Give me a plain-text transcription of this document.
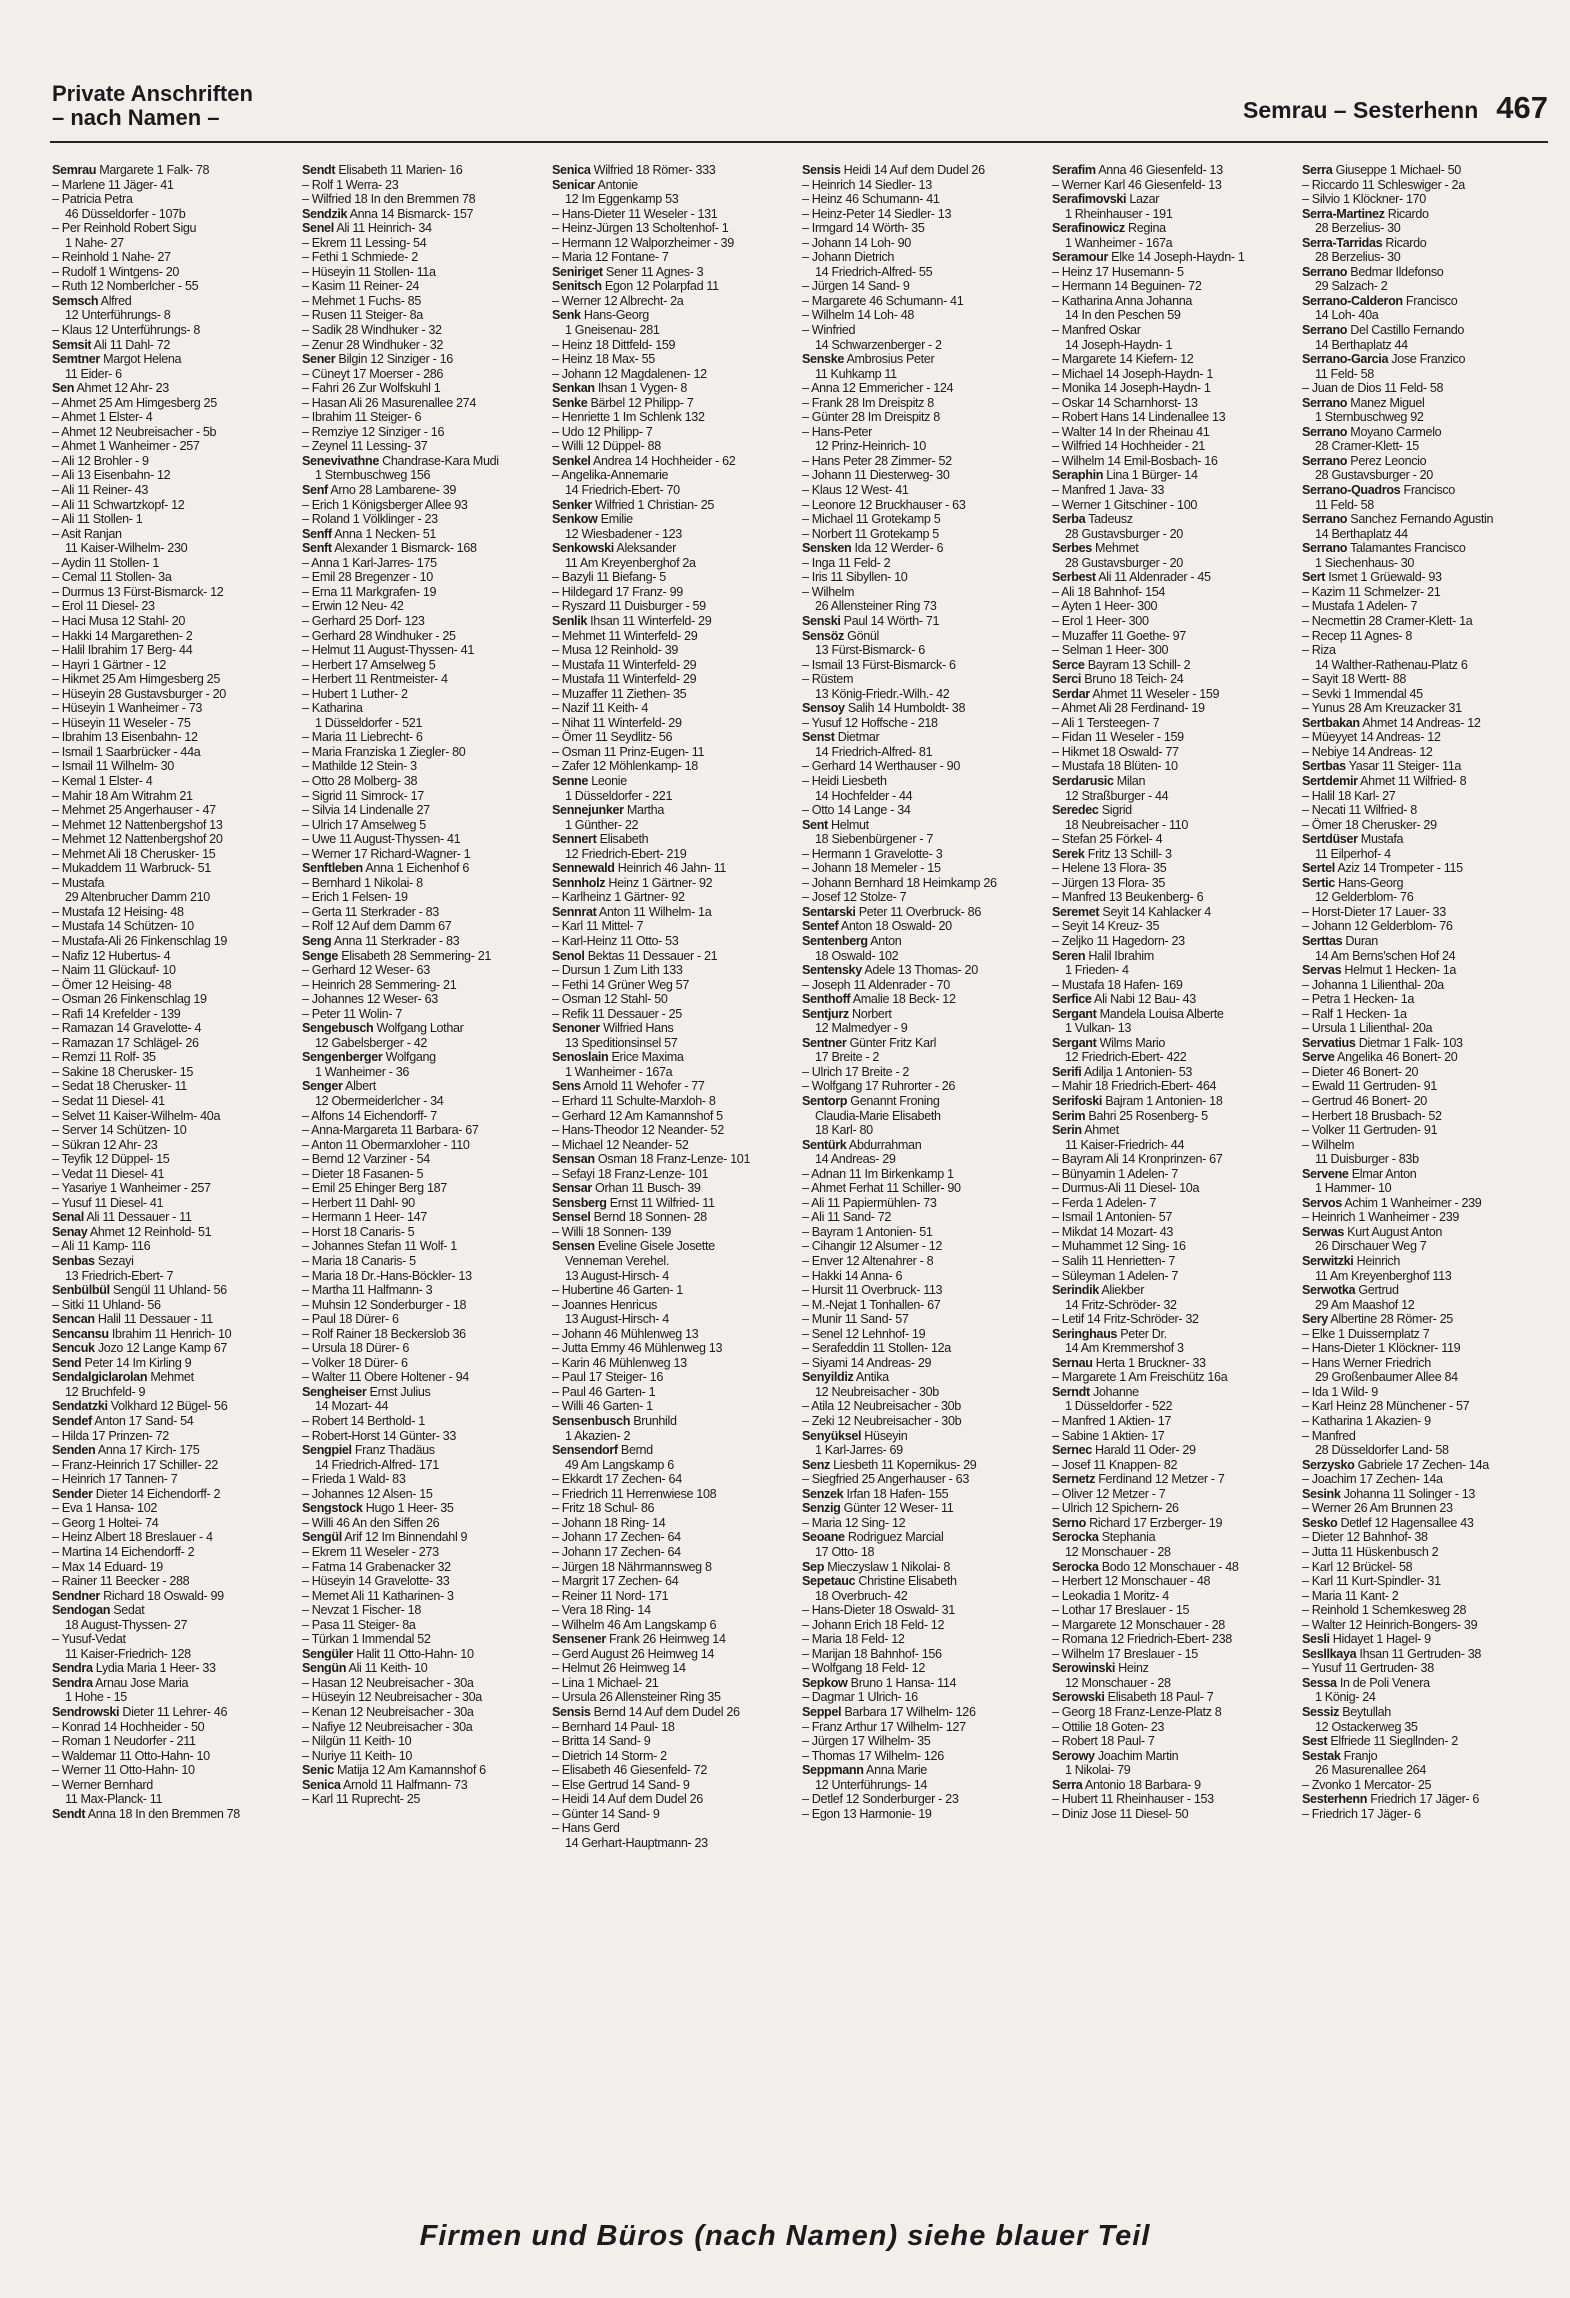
Private Anschriften
– nach Namen –	Semrau – Sesterhenn 467
Semrau Margarete 1 Falk- 78
– Marlene 11 Jäger- 41
– Patricia Petra
46 Düsseldorfer - 107b
– Per Reinhold Robert Sigu
1 Nahe- 27
– Reinhold 1 Nahe- 27
– Rudolf 1 Wintgens- 20
– Ruth 12 Nomberlcher - 55
Semsch Alfred
12 Unterführungs- 8
– Klaus 12 Unterführungs- 8
Semsit Ali 11 Dahl- 72
Semtner Margot Helena
11 Eider- 6
Sen Ahmet 12 Ahr- 23
– Ahmet 25 Am Himgesberg 25
– Ahmet 1 Elster- 4
– Ahmet 12 Neubreisacher - 5b
– Ahmet 1 Wanheimer - 257
– Ali 12 Brohler - 9
– Ali 13 Eisenbahn- 12
– Ali 11 Reiner- 43
– Ali 11 Schwartzkopf- 12
– Ali 11 Stollen- 1
– Asit Ranjan
11 Kaiser-Wilhelm- 230
– Aydin 11 Stollen- 1
– Cemal 11 Stollen- 3a
– Durmus 13 Fürst-Bismarck- 12
– Erol 11 Diesel- 23
– Haci Musa 12 Stahl- 20
– Hakki 14 Margarethen- 2
– Halil Ibrahim 17 Berg- 44
– Hayri 1 Gärtner - 12
– Hikmet 25 Am Himgesberg 25
– Hüseyin 28 Gustavsburger - 20
– Hüseyin 1 Wanheimer - 73
– Hüseyin 11 Weseler - 75
– Ibrahim 13 Eisenbahn- 12
– Ismail 1 Saarbrücker - 44a
– Ismail 11 Wilhelm- 30
– Kemal 1 Elster- 4
– Mahir 18 Am Witrahm 21
– Mehmet 25 Angerhauser - 47
– Mehmet 12 Nattenbergshof 13
– Mehmet 12 Nattenbergshof 20
– Mehmet Ali 18 Cherusker- 15
– Mukaddem 11 Warbruck- 51
– Mustafa
29 Altenbrucher Damm 210
– Mustafa 12 Heising- 48
– Mustafa 14 Schützen- 10
– Mustafa-Ali 26 Finkenschlag 19
– Nafiz 12 Hubertus- 4
– Naim 11 Glückauf- 10
– Ömer 12 Heising- 48
– Osman 26 Finkenschlag 19
– Rafi 14 Krefelder - 139
– Ramazan 14 Gravelotte- 4
– Ramazan 17 Schlägel- 26
– Remzi 11 Rolf- 35
– Sakine 18 Cherusker- 15
– Sedat 18 Cherusker- 11
– Sedat 11 Diesel- 41
– Selvet 11 Kaiser-Wilhelm- 40a
– Server 14 Schützen- 10
– Sükran 12 Ahr- 23
– Teyfik 12 Düppel- 15
– Vedat 11 Diesel- 41
– Yasariye 1 Wanheimer - 257
– Yusuf 11 Diesel- 41
Senal Ali 11 Dessauer - 11
Senay Ahmet 12 Reinhold- 51
– Ali 11 Kamp- 116
Senbas Sezayi
13 Friedrich-Ebert- 7
Senbülbül Sengül 11 Uhland- 56
– Sitki 11 Uhland- 56
Sencan Halil 11 Dessauer - 11
Sencansu Ibrahim 11 Henrich- 10
Sencuk Jozo 12 Lange Kamp 67
Send Peter 14 Im Kirling 9
Sendalgiclarolan Mehmet
12 Bruchfeld- 9
Sendatzki Volkhard 12 Bügel- 56
Sendef Anton 17 Sand- 54
– Hilda 17 Prinzen- 72
Senden Anna 17 Kirch- 175
– Franz-Heinrich 17 Schiller- 22
– Heinrich 17 Tannen- 7
Sender Dieter 14 Eichendorff- 2
– Eva 1 Hansa- 102
– Georg 1 Holtei- 74
– Heinz Albert 18 Breslauer - 4
– Martina 14 Eichendorff- 2
– Max 14 Eduard- 19
– Rainer 11 Beecker - 288
Sendner Richard 18 Oswald- 99
Sendogan Sedat
18 August-Thyssen- 27
– Yusuf-Vedat
11 Kaiser-Friedrich- 128
Sendra Lydia Maria 1 Heer- 33
Sendra Arnau Jose Maria
1 Hohe - 15
Sendrowski Dieter 11 Lehrer- 46
– Konrad 14 Hochheider - 50
– Roman 1 Neudorfer - 211
– Waldemar 11 Otto-Hahn- 10
– Werner 11 Otto-Hahn- 10
– Werner Bernhard
11 Max-Planck- 11
Sendt Anna 18 In den Bremmen 78
Sendt Elisabeth 11 Marien- 16
– Rolf 1 Werra- 23
– Wilfried 18 In den Bremmen 78
Sendzik Anna 14 Bismarck- 157
Senel Ali 11 Heinrich- 34
– Ekrem 11 Lessing- 54
– Fethi 1 Schmiede- 2
– Hüseyin 11 Stollen- 11a
– Kasim 11 Reiner- 24
– Mehmet 1 Fuchs- 85
– Rusen 11 Steiger- 8a
– Sadik 28 Windhuker - 32
– Zenur 28 Windhuker - 32
Sener Bilgin 12 Sinziger - 16
– Cüneyt 17 Moerser - 286
– Fahri 26 Zur Wolfskuhl 1
– Hasan Ali 26 Masurenallee 274
– Ibrahim 11 Steiger- 6
– Remziye 12 Sinziger - 16
– Zeynel 11 Lessing- 37
Senevivathne Chandrase-Kara Mudi
1 Sternbuschweg 156
Senf Arno 28 Lambarene- 39
– Erich 1 Königsberger Allee 93
– Roland 1 Völklinger - 23
Senff Anna 1 Necken- 51
Senft Alexander 1 Bismarck- 168
– Anna 1 Karl-Jarres- 175
– Emil 28 Bregenzer - 10
– Erna 11 Markgrafen- 19
– Erwin 12 Neu- 42
– Gerhard 25 Dorf- 123
– Gerhard 28 Windhuker - 25
– Helmut 11 August-Thyssen- 41
– Herbert 17 Amselweg 5
– Herbert 11 Rentmeister- 4
– Hubert 1 Luther- 2
– Katharina
1 Düsseldorfer - 521
– Maria 11 Liebrecht- 6
– Maria Franziska 1 Ziegler- 80
– Mathilde 12 Stein- 3
– Otto 28 Molberg- 38
– Sigrid 11 Simrock- 17
– Silvia 14 Lindenalle 27
– Ulrich 17 Amselweg 5
– Uwe 11 August-Thyssen- 41
– Werner 17 Richard-Wagner- 1
Senftleben Anna 1 Eichenhof 6
– Bernhard 1 Nikolai- 8
– Erich 1 Felsen- 19
– Gerta 11 Sterkrader - 83
– Rolf 12 Auf dem Damm 67
Seng Anna 11 Sterkrader - 83
Senge Elisabeth 28 Semmering- 21
– Gerhard 12 Weser- 63
– Heinrich 28 Semmering- 21
– Johannes 12 Weser- 63
– Peter 11 Wolin- 7
Sengebusch Wolfgang Lothar
12 Gabelsberger - 42
Sengenberger Wolfgang
1 Wanheimer - 36
Senger Albert
12 Obermeiderlcher - 34
– Alfons 14 Eichendorff- 7
– Anna-Margareta 11 Barbara- 67
– Anton 11 Obermarxloher - 110
– Bernd 12 Varziner - 54
– Dieter 18 Fasanen- 5
– Emil 25 Ehinger Berg 187
– Herbert 11 Dahl- 90
– Hermann 1 Heer- 147
– Horst 18 Canaris- 5
– Johannes Stefan 11 Wolf- 1
– Maria 18 Canaris- 5
– Maria 18 Dr.-Hans-Böckler- 13
– Martha 11 Halfmann- 3
– Muhsin 12 Sonderburger - 18
– Paul 18 Dürer- 6
– Rolf Rainer 18 Beckerslob 36
– Ursula 18 Dürer- 6
– Volker 18 Dürer- 6
– Walter 11 Obere Holtener - 94
Sengheiser Ernst Julius
14 Mozart- 44
– Robert 14 Berthold- 1
– Robert-Horst 14 Günter- 33
Sengpiel Franz Thadäus
14 Friedrich-Alfred- 171
– Friedа 1 Wald- 83
– Johannes 12 Alsen- 15
Sengstock Hugo 1 Heer- 35
– Willi 46 An den Siffen 26
Sengül Arif 12 Im Binnendahl 9
– Ekrem 11 Weseler - 273
– Fatma 14 Grabenacker 32
– Hüseyin 14 Gravelotte- 33
– Memet Ali 11 Katharinen- 3
– Nevzat 1 Fischer- 18
– Pasa 11 Steiger- 8a
– Türkan 1 Immendal 52
Sengüler Halit 11 Otto-Hahn- 10
Sengün Ali 11 Keith- 10
– Hasan 12 Neubreisacher - 30a
– Hüseyin 12 Neubreisacher - 30a
– Kenan 12 Neubreisacher - 30a
– Nafiye 12 Neubreisacher - 30a
– Nilgün 11 Keith- 10
– Nuriye 11 Keith- 10
Senic Matija 12 Am Kamannshof 6
Senica Arnold 11 Halfmann- 73
– Karl 11 Ruprecht- 25
Senica Wilfried 18 Römer- 333
Senicar Antonie
12 Im Eggenkamp 53
– Hans-Dieter 11 Weseler - 131
– Heinz-Jürgen 13 Scholtenhof- 1
– Hermann 12 Walporzheimer - 39
– Maria 12 Fontane- 7
Seniriget Sener 11 Agnes- 3
Senitsch Egon 12 Polarpfad 11
– Werner 12 Albrecht- 2a
Senk Hans-Georg
1 Gneisenau- 281
– Heinz 18 Dittfeld- 159
– Heinz 18 Max- 55
– Johann 12 Magdalenen- 12
Senkan Ihsan 1 Vygen- 8
Senke Bärbel 12 Philipp- 7
– Henriette 1 Im Schlenk 132
– Udo 12 Philipp- 7
– Willi 12 Düppel- 88
Senkel Andrea 14 Hochheider - 62
– Angelika-Annemarie
14 Friedrich-Ebert- 70
Senker Wilfried 1 Christian- 25
Senkow Emilie
12 Wiesbadener - 123
Senkowski Aleksander
11 Am Kreyenberghof 2a
– Bazyli 11 Biefang- 5
– Hildegard 17 Franz- 99
– Ryszard 11 Duisburger - 59
Senlik Ihsan 11 Winterfeld- 29
– Mehmet 11 Winterfeld- 29
– Musa 12 Reinhold- 39
– Mustafa 11 Winterfeld- 29
– Mustafa 11 Winterfeld- 29
– Muzaffer 11 Ziethen- 35
– Nazif 11 Keith- 4
– Nihat 11 Winterfeld- 29
– Ömer 11 Seydlitz- 56
– Osman 11 Prinz-Eugen- 11
– Zafer 12 Möhlenkamp- 18
Senne Leonie
1 Düsseldorfer - 221
Sennejunker Martha
1 Günther- 22
Sennert Elisabeth
12 Friedrich-Ebert- 219
Sennewald Heinrich 46 Jahn- 11
Sennholz Heinz 1 Gärtner- 92
– Karlheinz 1 Gärtner- 92
Sennrat Anton 11 Wilhelm- 1a
– Karl 11 Mittel- 7
– Karl-Heinz 11 Otto- 53
Senol Bektas 11 Dessauer - 21
– Dursun 1 Zum Lith 133
– Fethi 14 Grüner Weg 57
– Osman 12 Stahl- 50
– Refik 11 Dessauer - 25
Senoner Wilfried Hans
13 Speditionsinsel 57
Senoslain Erice Maxima
1 Wanheimer - 167a
Sens Arnold 11 Wehofer - 77
– Erhard 11 Schulte-Marxloh- 8
– Gerhard 12 Am Kamannshof 5
– Hans-Theodor 12 Neander- 52
– Michael 12 Neander- 52
Sensan Osman 18 Franz-Lenze- 101
– Sefayi 18 Franz-Lenze- 101
Sensar Orhan 11 Busch- 39
Sensberg Ernst 11 Wilfried- 11
Sensel Bernd 18 Sonnen- 28
– Willi 18 Sonnen- 139
Sensen Eveline Gisele Josette
Venneman Verehel.
13 August-Hirsch- 4
– Hubertine 46 Garten- 1
– Joannes Henricus
13 August-Hirsch- 4
– Johann 46 Mühlenweg 13
– Jutta Emmy 46 Mühlenweg 13
– Karin 46 Mühlenweg 13
– Paul 17 Steiger- 16
– Paul 46 Garten- 1
– Willi 46 Garten- 1
Sensenbusch Brunhild
1 Akazien- 2
Sensendorf Bernd
49 Am Langskamp 6
– Ekkardt 17 Zechen- 64
– Friedrich 11 Herrenwiese 108
– Fritz 18 Schul- 86
– Johann 18 Ring- 14
– Johann 17 Zechen- 64
– Johann 17 Zechen- 64
– Jürgen 18 Nährmannsweg 8
– Margrit 17 Zechen- 64
– Reiner 11 Nord- 171
– Vera 18 Ring- 14
– Wilhelm 46 Am Langskamp 6
Sensener Frank 26 Heimweg 14
– Gerd August 26 Heimweg 14
– Helmut 26 Heimweg 14
– Lina 1 Michael- 21
– Ursula 26 Allensteiner Ring 35
Sensis Bernd 14 Auf dem Dudel 26
– Bernhard 14 Paul- 18
– Britta 14 Sand- 9
– Dietrich 14 Storm- 2
– Elisabeth 46 Giesenfeld- 72
– Else Gertrud 14 Sand- 9
– Heidi 14 Auf dem Dudel 26
– Günter 14 Sand- 9
– Hans Gerd
14 Gerhart-Hauptmann- 23
Sensis Heidi 14 Auf dem Dudel 26
– Heinrich 14 Siedler- 13
– Heinz 46 Schumann- 41
– Heinz-Peter 14 Siedler- 13
– Irmgard 14 Wörth- 35
– Johann 14 Loh- 90
– Johann Dietrich
14 Friedrich-Alfred- 55
– Jürgen 14 Sand- 9
– Margarete 46 Schumann- 41
– Wilhelm 14 Loh- 48
– Winfried
14 Schwarzenberger - 2
Senske Ambrosius Peter
11 Kuhkamp 11
– Anna 12 Emmericher - 124
– Frank 28 Im Dreispitz 8
– Günter 28 Im Dreispitz 8
– Hans-Peter
12 Prinz-Heinrich- 10
– Hans Peter 28 Zimmer- 52
– Johann 11 Diesterweg- 30
– Klaus 12 West- 41
– Leonore 12 Bruckhauser - 63
– Michael 11 Grotekamp 5
– Norbert 11 Grotekamp 5
Sensken Ida 12 Werder- 6
– Inga 11 Feld- 2
– Iris 11 Sibyllen- 10
– Wilhelm
26 Allensteiner Ring 73
Senski Paul 14 Wörth- 71
Sensöz Gönül
13 Fürst-Bismarck- 6
– Ismail 13 Fürst-Bismarck- 6
– Rüstem
13 König-Friedr.-Wilh.- 42
Sensoy Salih 14 Humboldt- 38
– Yusuf 12 Hoffsche - 218
Senst Dietmar
14 Friedrich-Alfred- 81
– Gerhard 14 Werthauser - 90
– Heidi Liesbeth
14 Hochfelder - 44
– Otto 14 Lange - 34
Sent Helmut
18 Siebenbürgener - 7
– Hermann 1 Gravelotte- 3
– Johann 18 Memeler - 15
– Johann Bernhard 18 Heimkamp 26
– Josef 12 Stolze- 7
Sentarski Peter 11 Overbruck- 86
Sentef Anton 18 Oswald- 20
Sentenberg Anton
18 Oswald- 102
Sentensky Adele 13 Thomas- 20
– Joseph 11 Aldenrader - 70
Senthoff Amalie 18 Beck- 12
Sentjurz Norbert
12 Malmedyer - 9
Sentner Günter Fritz Karl
17 Breite - 2
– Ulrich 17 Breite - 2
– Wolfgang 17 Ruhrorter - 26
Sentorp Genannt Froning
Claudia-Marie Elisabeth
18 Karl- 80
Sentürk Abdurrahman
14 Andreas- 29
– Adnan 11 Im Birkenkamp 1
– Ahmet Ferhat 11 Schiller- 90
– Ali 11 Papiermühlen- 73
– Ali 11 Sand- 72
– Bayram 1 Antonien- 51
– Cihangir 12 Alsumer - 12
– Enver 12 Altenahrer - 8
– Hakki 14 Anna- 6
– Hursit 11 Overbruck- 113
– M.-Nejat 1 Tonhallen- 67
– Munir 11 Sand- 57
– Senel 12 Lehnhof- 19
– Serafeddin 11 Stollen- 12a
– Siyami 14 Andreas- 29
Senyildiz Antika
12 Neubreisacher - 30b
– Atila 12 Neubreisacher - 30b
– Zeki 12 Neubreisacher - 30b
Senyüksel Hüseyin
1 Karl-Jarres- 69
Senz Liesbeth 11 Kopernikus- 29
– Siegfried 25 Angerhauser - 63
Senzek Irfan 18 Hafen- 155
Senzig Günter 12 Weser- 11
– Maria 12 Sing- 12
Seoane Rodriguez Marcial
17 Otto- 18
Sep Mieczyslaw 1 Nikolai- 8
Sepetauc Christine Elisabeth
18 Overbruch- 42
– Hans-Dieter 18 Oswald- 31
– Johann Erich 18 Feld- 12
– Maria 18 Feld- 12
– Marijan 18 Bahnhof- 156
– Wolfgang 18 Feld- 12
Sepkow Bruno 1 Hansa- 114
– Dagmar 1 Ulrich- 16
Seppel Barbara 17 Wilhelm- 126
– Franz Arthur 17 Wilhelm- 127
– Jürgen 17 Wilhelm- 35
– Thomas 17 Wilhelm- 126
Seppmann Anna Marie
12 Unterführungs- 14
– Detlef 12 Sonderburger - 23
– Egon 13 Harmonie- 19
Serafim Anna 46 Giesenfeld- 13
– Werner Karl 46 Giesenfeld- 13
Serafimovski Lazar
1 Rheinhauser - 191
Serafinowicz Regina
1 Wanheimer - 167a
Seramour Elke 14 Joseph-Haydn- 1
– Heinz 17 Husemann- 5
– Hermann 14 Beguinen- 72
– Katharina Anna Johanna
14 In den Peschen 59
– Manfred Oskar
14 Joseph-Haydn- 1
– Margarete 14 Kiefern- 12
– Michael 14 Joseph-Haydn- 1
– Monika 14 Joseph-Haydn- 1
– Oskar 14 Scharnhorst- 13
– Robert Hans 14 Lindenallee 13
– Walter 14 In der Rheinau 41
– Wilfried 14 Hochheider - 21
– Wilhelm 14 Emil-Bosbach- 16
Seraphin Lina 1 Bürger- 14
– Manfred 1 Java- 33
– Werner 1 Gitschiner - 100
Serba Tadeusz
28 Gustavsburger - 20
Serbes Mehmet
28 Gustavsburger - 20
Serbest Ali 11 Aldenrader - 45
– Ali 18 Bahnhof- 154
– Ayten 1 Heer- 300
– Erol 1 Heer- 300
– Muzaffer 11 Goethe- 97
– Selman 1 Heer- 300
Serce Bayram 13 Schill- 2
Serci Bruno 18 Teich- 24
Serdar Ahmet 11 Weseler - 159
– Ahmet Ali 28 Ferdinand- 19
– Ali 1 Tersteegen- 7
– Fidan 11 Weseler - 159
– Hikmet 18 Oswald- 77
– Mustafa 18 Blüten- 10
Serdarusic Milan
12 Straßburger - 44
Seredec Sigrid
18 Neubreisacher - 110
– Stefan 25 Förkel- 4
Serek Fritz 13 Schill- 3
– Helene 13 Flora- 35
– Jürgen 13 Flora- 35
– Manfred 13 Beukenberg- 6
Seremet Seyit 14 Kahlacker 4
– Seyit 14 Kreuz- 35
– Zeljko 11 Hagedorn- 23
Seren Halil Ibrahim
1 Frieden- 4
– Mustafa 18 Hafen- 169
Serfice Ali Nabi 12 Bau- 43
Sergant Mandela Louisa Alberte
1 Vulkan- 13
Sergant Wilms Mario
12 Friedrich-Ebert- 422
Serifi Adilja 1 Antonien- 53
– Mahir 18 Friedrich-Ebert- 464
Serifoski Bajram 1 Antonien- 18
Serim Bahri 25 Rosenberg- 5
Serin Ahmet
11 Kaiser-Friedrich- 44
– Bayram Ali 14 Kronprinzen- 67
– Bünyamin 1 Adelen- 7
– Durmus-Ali 11 Diesel- 10a
– Ferda 1 Adelen- 7
– Ismail 1 Antonien- 57
– Mikdat 14 Mozart- 43
– Muhammet 12 Sing- 16
– Salih 11 Henrietten- 7
– Süleyman 1 Adelen- 7
Serindik Aliekber
14 Fritz-Schröder- 32
– Letif 14 Fritz-Schröder- 32
Seringhaus Peter Dr.
14 Am Kremmershof 3
Sernau Herta 1 Bruckner- 33
– Margarete 1 Am Freischütz 16a
Serndt Johanne
1 Düsseldorfer - 522
– Manfred 1 Aktien- 17
– Sabine 1 Aktien- 17
Sernec Harald 11 Oder- 29
– Josef 11 Knappen- 82
Sernetz Ferdinand 12 Metzer - 7
– Oliver 12 Metzer - 7
– Ulrich 12 Spichern- 26
Serno Richard 17 Erzberger- 19
Serocka Stephania
12 Monschauer - 28
Serocka Bodo 12 Monschauer - 48
– Herbert 12 Monschauer - 48
– Leokadia 1 Moritz- 4
– Lothar 17 Breslauer - 15
– Margarete 12 Monschauer - 28
– Romana 12 Friedrich-Ebert- 238
– Wilhelm 17 Breslauer - 15
Serowinski Heinz
12 Monschauer - 28
Serowski Elisabeth 18 Paul- 7
– Georg 18 Franz-Lenze-Platz 8
– Ottilie 18 Goten- 23
– Robert 18 Paul- 7
Serowy Joachim Martin
1 Nikolai- 79
Serra Antonio 18 Barbara- 9
– Hubert 11 Rheinhauser - 153
– Diniz Jose 11 Diesel- 50
Serra Giuseppe 1 Michael- 50
– Riccardo 11 Schleswiger - 2a
– Silvio 1 Klöckner- 170
Serra-Martinez Ricardo
28 Berzelius- 30
Serra-Tarridas Ricardo
28 Berzelius- 30
Serrano Bedmar Ildefonso
29 Salzach- 2
Serrano-Calderon Francisco
14 Loh- 40a
Serrano Del Castillo Fernando
14 Berthaplatz 44
Serrano-Garcia Jose Franzico
11 Feld- 58
– Juan de Dios 11 Feld- 58
Serrano Manez Miguel
1 Sternbuschweg 92
Serrano Moyano Carmelo
28 Cramer-Klett- 15
Serrano Perez Leoncio
28 Gustavsburger - 20
Serrano-Quadros Francisco
11 Feld- 58
Serrano Sanchez Fernando Agustin
14 Berthaplatz 44
Serrano Talamantes Francisco
1 Siechenhaus- 30
Sert Ismet 1 Grüewald- 93
– Kazim 11 Schmelzer- 21
– Mustafa 1 Adelen- 7
– Necmettin 28 Cramer-Klett- 1a
– Recep 11 Agnes- 8
– Riza
14 Walther-Rathenau-Platz 6
– Sayit 18 Wertt- 88
– Sevki 1 Immendal 45
– Yunus 28 Am Kreuzacker 31
Sertbakan Ahmet 14 Andreas- 12
– Müeyyet 14 Andreas- 12
– Nebiye 14 Andreas- 12
Sertbas Yasar 11 Steiger- 11a
Sertdemir Ahmet 11 Wilfried- 8
– Halil 18 Karl- 27
– Necati 11 Wilfried- 8
– Ömer 18 Cherusker- 29
Sertdüser Mustafa
11 Eilperhof- 4
Sertel Aziz 14 Trompeter - 115
Sertic Hans-Georg
12 Gelderblom- 76
– Horst-Dieter 17 Lauer- 33
– Johann 12 Gelderblom- 76
Serttas Duran
14 Am Berns'schen Hof 24
Servas Helmut 1 Hecken- 1a
– Johanna 1 Lilienthal- 20a
– Petra 1 Hecken- 1a
– Ralf 1 Hecken- 1a
– Ursula 1 Lilienthal- 20a
Servatius Dietmar 1 Falk- 103
Serve Angelika 46 Bonert- 20
– Dieter 46 Bonert- 20
– Ewald 11 Gertruden- 91
– Gertrud 46 Bonert- 20
– Herbert 18 Brusbach- 52
– Volker 11 Gertruden- 91
– Wilhelm
11 Duisburger - 83b
Servene Elmar Anton
1 Hammer- 10
Servos Achim 1 Wanheimer - 239
– Heinrich 1 Wanheimer - 239
Serwas Kurt August Anton
26 Dirschauer Weg 7
Serwitzki Heinrich
11 Am Kreyenberghof 113
Serwotka Gertrud
29 Am Maashof 12
Sery Albertine 28 Römer- 25
– Elke 1 Duissernplatz 7
– Hans-Dieter 1 Klöckner- 119
– Hans Werner Friedrich
29 Großenbaumer Allee 84
– Ida 1 Wild- 9
– Karl Heinz 28 Münchener - 57
– Katharina 1 Akazien- 9
– Manfred
28 Düsseldorfer Land- 58
Serzysko Gabriele 17 Zechen- 14a
– Joachim 17 Zechen- 14a
Sesink Johanna 11 Solinger - 13
– Werner 26 Am Brunnen 23
Sesko Detlef 12 Hagensallee 43
– Dieter 12 Bahnhof- 38
– Jutta 11 Hüskenbusch 2
– Karl 12 Brückel- 58
– Karl 11 Kurt-Spindler- 31
– Maria 11 Kant- 2
– Reinhold 1 Schemkesweg 28
– Walter 12 Heinrich-Bongers- 39
Sesli Hidayet 1 Hagel- 9
Sesllkaya Ihsan 11 Gertruden- 38
– Yusuf 11 Gertruden- 38
Sessa In de Poli Venera
1 König- 24
Sessiz Beytullah
12 Ostackerweg 35
Sest Elfriede 11 Siegllnden- 2
Sestak Franjo
26 Masurenallee 264
– Zvonko 1 Mercator- 25
Sesterhenn Friedrich 17 Jäger- 6
– Friedrich 17 Jäger- 6
Firmen und Büros (nach Namen) siehe blauer Teil
